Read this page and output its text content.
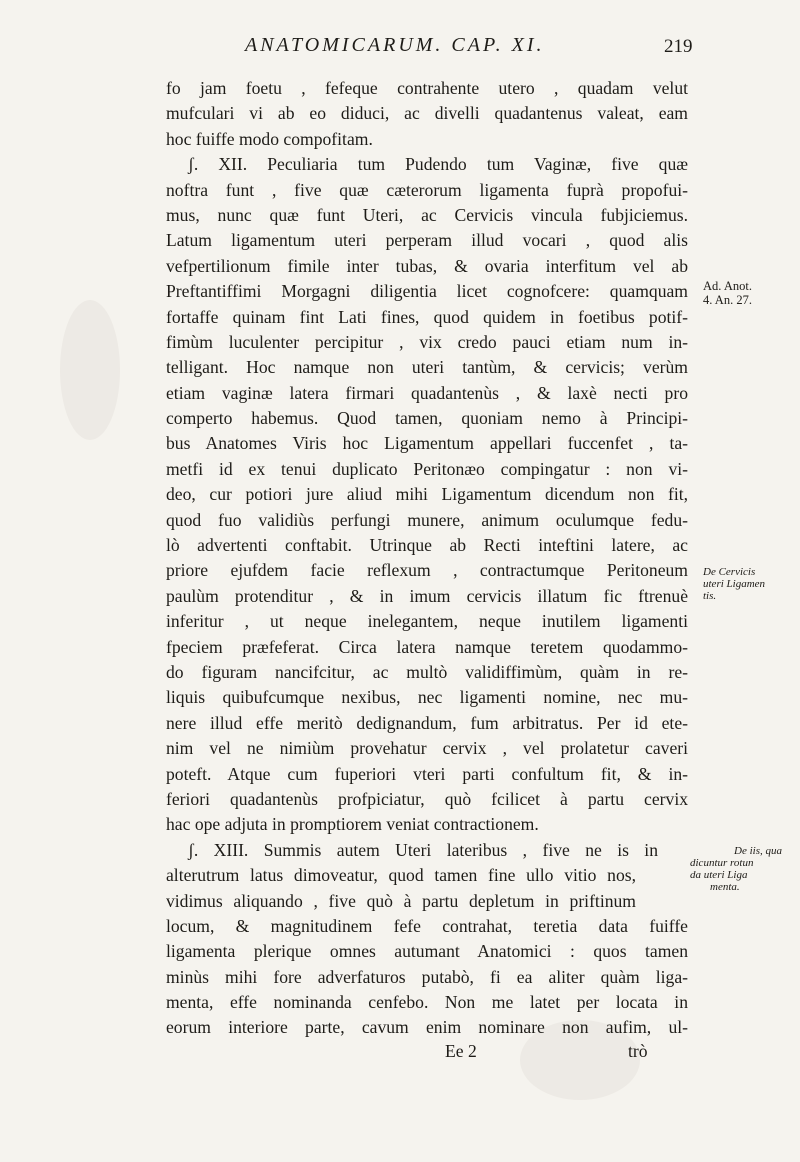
ANATOMICARUM. CAP. XI.	219
fo jam foetu , fefeque contrahente utero , quadam velut
mufculari vi ab eo diduci, ac divelli quadantenus valeat, eam
hoc fuiffe modo compofitam.
ʃ. XII. Peculiaria tum Pudendo tum Vaginæ, five quæ
noftra funt , five quæ cæterorum ligamenta fuprà propofui-
mus, nunc quæ funt Uteri, ac Cervicis vincula fubjiciemus.
Latum ligamentum uteri perperam illud vocari , quod alis
vefpertilionum fimile inter tubas, & ovaria interfitum vel ab
Preftantiffimi Morgagni diligentia licet cognofcere: quamquam
fortaffe quinam fint Lati fines, quod quidem in foetibus potif-
fimùm luculenter percipitur , vix credo pauci etiam num in-
telligant. Hoc namque non uteri tantùm, & cervicis; verùm
etiam vaginæ latera firmari quadantenùs , & laxè necti pro
comperto habemus. Quod tamen, quoniam nemo à Principi-
bus Anatomes Viris hoc Ligamentum appellari fuccenfet , ta-
metfi id ex tenui duplicato Peritonæo compingatur : non vi-
deo, cur potiori jure aliud mihi Ligamentum dicendum non fit,
quod fuo validiùs perfungi munere, animum oculumque fedu-
lò advertenti conftabit. Utrinque ab Recti inteftini latere, ac
priore ejufdem facie reflexum , contractumque Peritoneum
paulùm protenditur , & in imum cervicis illatum fic ftrenuè
inferitur , ut neque inelegantem, neque inutilem ligamenti
fpeciem præfeferat. Circa latera namque teretem quodammo-
do figuram nancifcitur, ac multò validiffimùm, quàm in re-
liquis quibufcumque nexibus, nec ligamenti nomine, nec mu-
nere illud effe meritò dedignandum, fum arbitratus. Per id ete-
nim vel ne nimiùm provehatur cervix , vel prolatetur caveri
poteft. Atque cum fuperiori vteri parti confultum fit, & in-
feriori quadantenùs profpiciatur, quò fcilicet à partu cervix
hac ope adjuta in promptiorem veniat contractionem.
ʃ. XIII. Summis autem Uteri lateribus , five ne is in
alterutrum latus dimoveatur, quod tamen fine ullo vitio nos,
vidimus aliquando , five quò à partu depletum in priftinum
locum, & magnitudinem fefe contrahat, teretia data fuiffe
ligamenta plerique omnes autumant Anatomici : quos tamen
minùs mihi fore adverfaturos putabò, fi ea aliter quàm liga-
menta, effe nominanda cenfebo. Non me latet per locata in
eorum interiore parte, cavum enim nominare non aufim, ul-
Ad. Anot.
4. An. 27.
De Cervicis
uteri Ligamen
tis.
De iis, qua
dicuntur rotun
da uteri Liga
menta.
Ee 2	trò
